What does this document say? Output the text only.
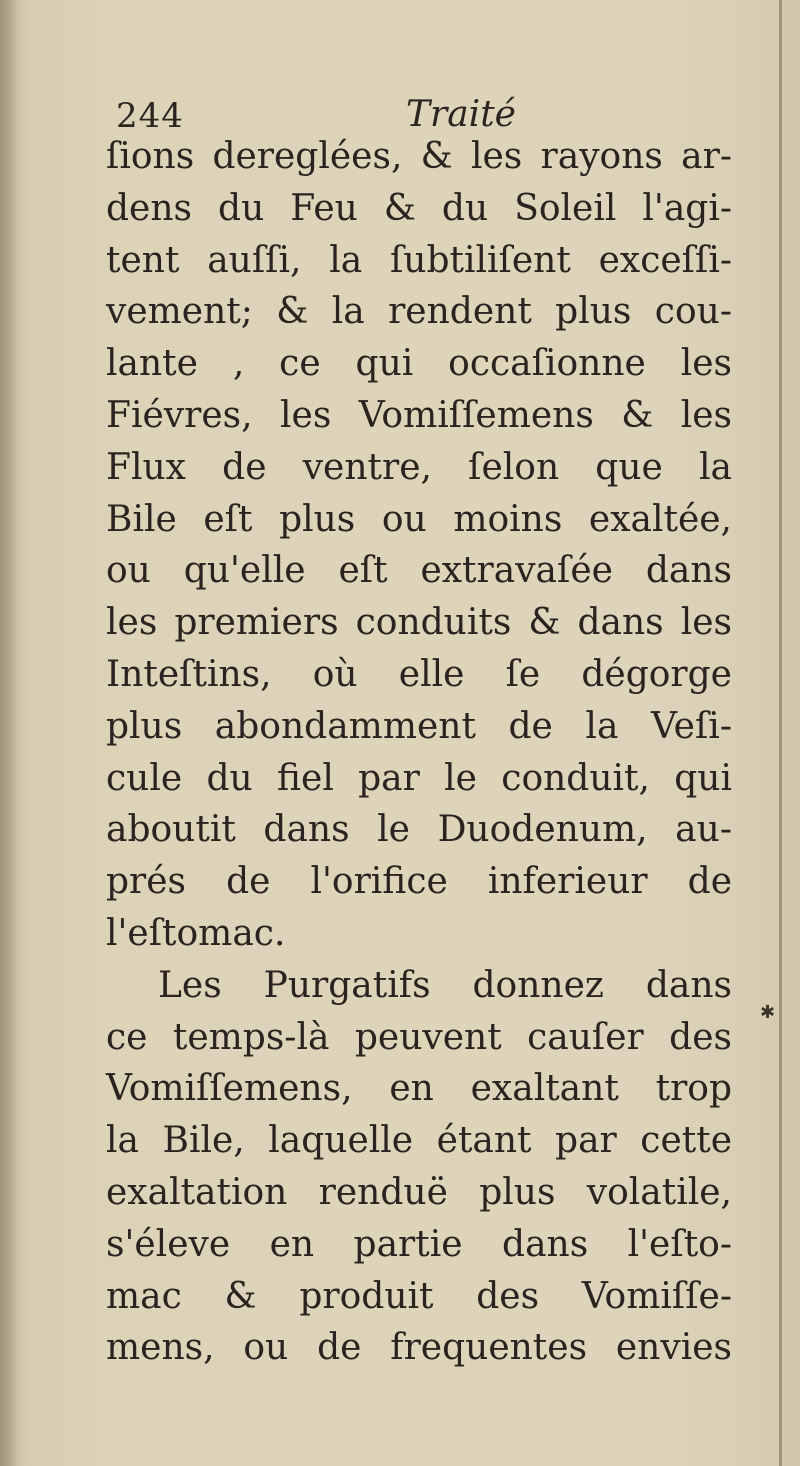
244	Traité
ſions dereglées, & les rayons ar-
dens du Feu & du Soleil l'agi-
tent auſſi, la ſubtiliſent exceſſi-
vement; & la rendent plus cou-
lante , ce qui occaſionne les
Fiévres, les Vomiſſemens & les
Flux de ventre, ſelon que la
Bile eſt plus ou moins exaltée,
ou qu'elle eſt extravaſée dans
les premiers conduits & dans les
Inteſtins, où elle ſe dégorge
plus abondamment de la Veſi-
cule du fiel par le conduit, qui
aboutit dans le Duodenum, au-
prés de l'orifice inferieur de
l'eſtomac.
Les Purgatifs donnez dans
ce temps-là peuvent cauſer des
Vomiſſemens, en exaltant trop
la Bile, laquelle étant par cette
exaltation renduë plus volatile,
s'éleve en partie dans l'eſto-
mac & produit des Vomiſſe-
mens, ou de frequentes envies
✱
